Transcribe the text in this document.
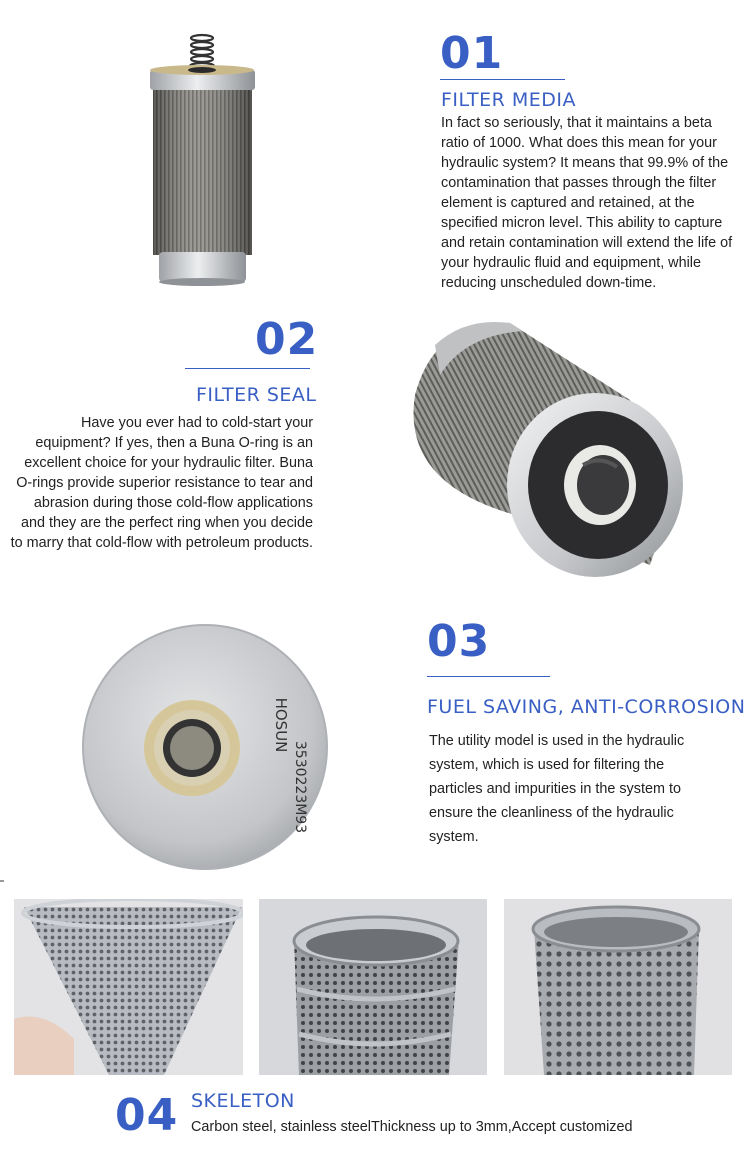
01
FILTER MEDIA
In fact so seriously, that it maintains a beta ratio of 1000. What does this mean for your hydraulic system? It means that 99.9% of the contamination that passes through the filter element is captured and retained, at the specified micron level. This ability to capture and retain contamination will extend the life of your hydraulic fluid and equipment, while reducing unscheduled down-time.
02
FILTER SEAL
Have you ever had to cold-start your equipment? If yes, then a Buna O-ring is an excellent choice for your hydraulic filter. Buna O-rings provide superior resistance to tear and abrasion during those cold-flow applications and they are the perfect ring when you decide to marry that cold-flow with petroleum products.
HOSUN
3530223M93
03
FUEL SAVING, ANTI-CORROSION
The utility model is used in the hydraulic system, which is used for filtering the particles and impurities in the system to ensure the cleanliness of the hydraulic system.
04 SKELETON
Carbon steel, stainless steelThickness up to 3mm,Accept customized
